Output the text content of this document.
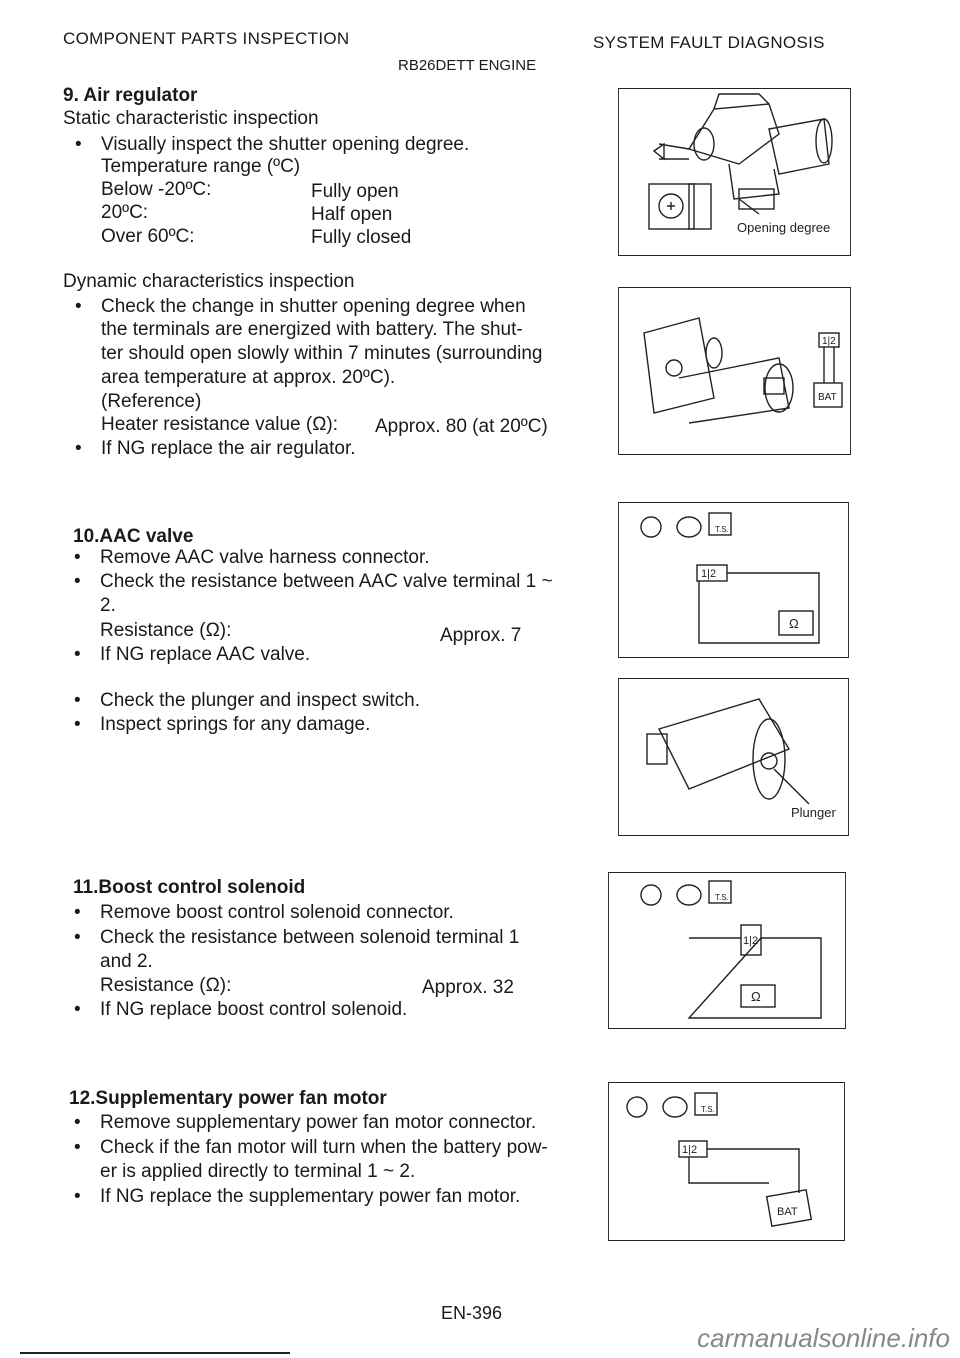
COMPONENT PARTS INSPECTION	SYSTEM FAULT DIAGNOSIS
RB26DETT ENGINE
9. Air regulator
Static characteristic inspection
• Visually inspect the shutter opening degree.
Temperature range (ºC)
Below -20ºC:	Fully open
20ºC:	Half open
Over 60ºC:	Fully closed
Dynamic characteristics inspection
• Check the change in shutter opening degree when
the terminals are energized with battery. The shut-
ter should open slowly within 7 minutes (surrounding
area temperature at approx. 20ºC).
(Reference)
Heater resistance value (Ω): Approx. 80 (at 20ºC)
• If NG replace the air regulator.
10.AAC valve
• Remove AAC valve harness connector.
• Check the resistance between AAC valve terminal 1 ~
2.
Resistance (Ω):	Approx. 7
• If NG replace AAC valve.
• Check the plunger and inspect switch.
• Inspect springs for any damage.
11.Boost control solenoid
• Remove boost control solenoid connector.
• Check the resistance between solenoid terminal 1
and 2.
Resistance (Ω):	Approx. 32
• If NG replace boost control solenoid.
12.Supplementary power fan motor
• Remove supplementary power fan motor connector.
• Check if the fan motor will turn when the battery pow-
er is applied directly to terminal 1 ~ 2.
• If NG replace the supplementary power fan motor.
Opening degree
1|2
BAT
T.S.
1|2
Ω
Plunger
T.S.
1|2
Ω
T.S.
1|2
BAT
EN-396
carmanualsonline.info
